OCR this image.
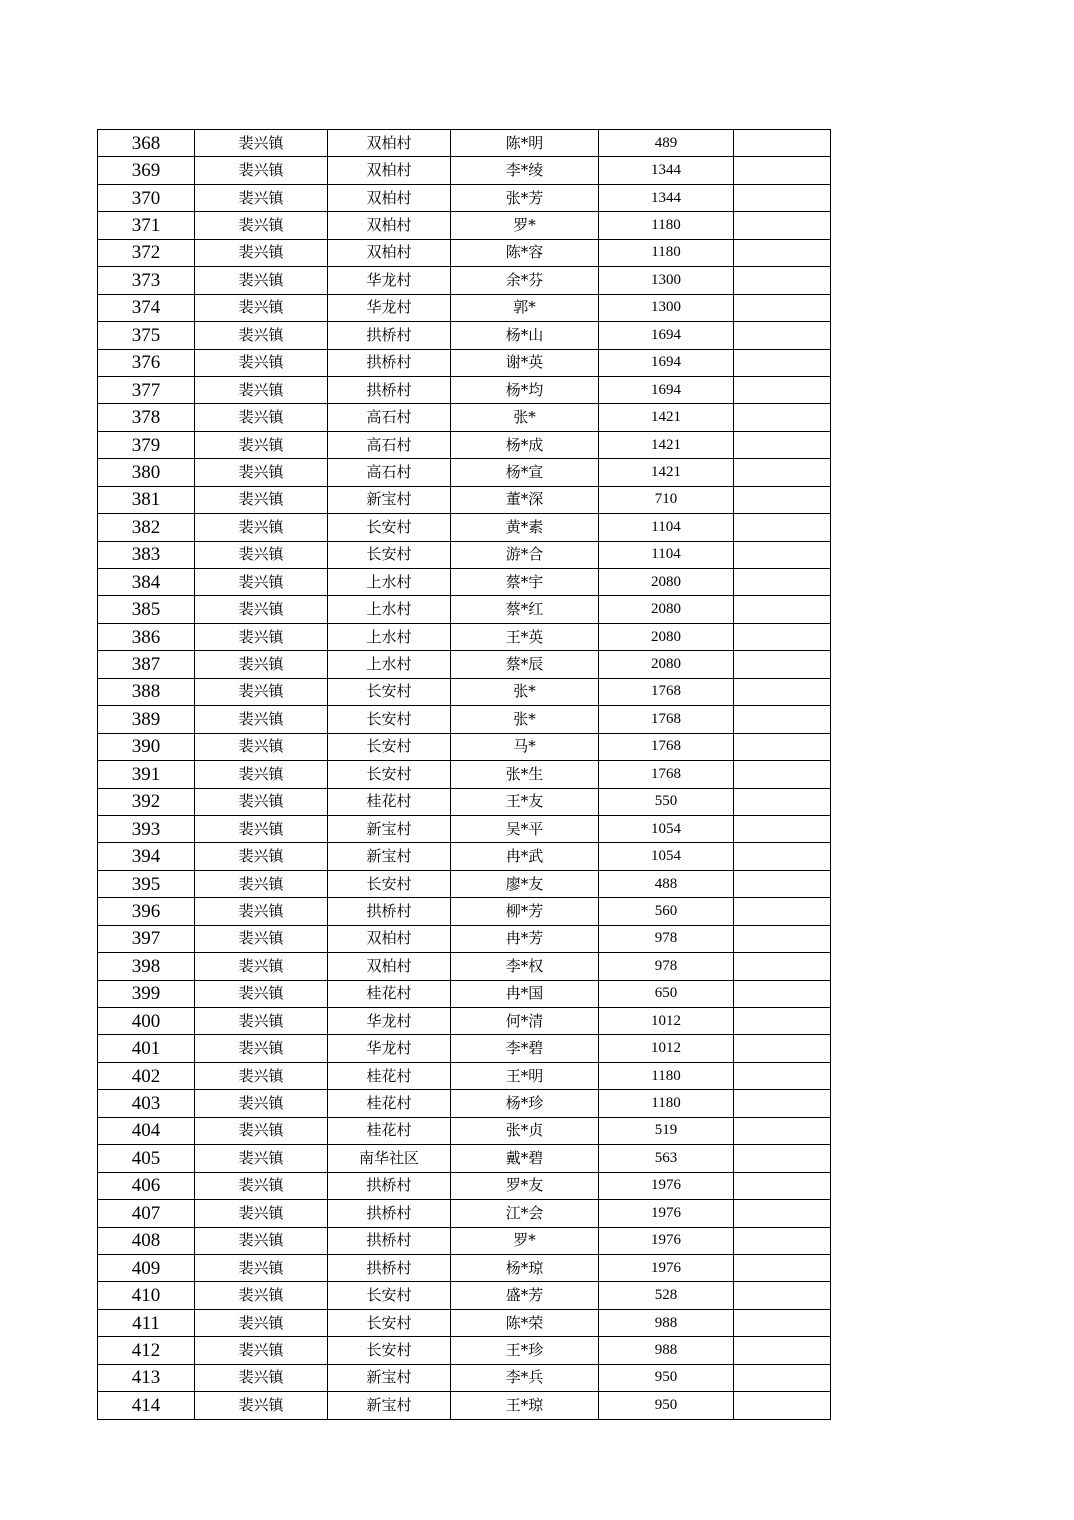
368	裴兴镇	双柏村	陈*明	489	
369	裴兴镇	双柏村	李*绫	1344	
370	裴兴镇	双柏村	张*芳	1344	
371	裴兴镇	双柏村	罗*	1180	
372	裴兴镇	双柏村	陈*容	1180	
373	裴兴镇	华龙村	余*芬	1300	
374	裴兴镇	华龙村	郭*	1300	
375	裴兴镇	拱桥村	杨*山	1694	
376	裴兴镇	拱桥村	谢*英	1694	
377	裴兴镇	拱桥村	杨*均	1694	
378	裴兴镇	高石村	张*	1421	
379	裴兴镇	高石村	杨*成	1421	
380	裴兴镇	高石村	杨*宣	1421	
381	裴兴镇	新宝村	董*深	710	
382	裴兴镇	长安村	黄*素	1104	
383	裴兴镇	长安村	游*合	1104	
384	裴兴镇	上水村	蔡*宇	2080	
385	裴兴镇	上水村	蔡*红	2080	
386	裴兴镇	上水村	王*英	2080	
387	裴兴镇	上水村	蔡*辰	2080	
388	裴兴镇	长安村	张*	1768	
389	裴兴镇	长安村	张*	1768	
390	裴兴镇	长安村	马*	1768	
391	裴兴镇	长安村	张*生	1768	
392	裴兴镇	桂花村	王*友	550	
393	裴兴镇	新宝村	吴*平	1054	
394	裴兴镇	新宝村	冉*武	1054	
395	裴兴镇	长安村	廖*友	488	
396	裴兴镇	拱桥村	柳*芳	560	
397	裴兴镇	双柏村	冉*芳	978	
398	裴兴镇	双柏村	李*权	978	
399	裴兴镇	桂花村	冉*国	650	
400	裴兴镇	华龙村	何*清	1012	
401	裴兴镇	华龙村	李*碧	1012	
402	裴兴镇	桂花村	王*明	1180	
403	裴兴镇	桂花村	杨*珍	1180	
404	裴兴镇	桂花村	张*贞	519	
405	裴兴镇	南华社区	戴*碧	563	
406	裴兴镇	拱桥村	罗*友	1976	
407	裴兴镇	拱桥村	江*会	1976	
408	裴兴镇	拱桥村	罗*	1976	
409	裴兴镇	拱桥村	杨*琼	1976	
410	裴兴镇	长安村	盛*芳	528	
411	裴兴镇	长安村	陈*荣	988	
412	裴兴镇	长安村	王*珍	988	
413	裴兴镇	新宝村	李*兵	950	
414	裴兴镇	新宝村	王*琼	950	
